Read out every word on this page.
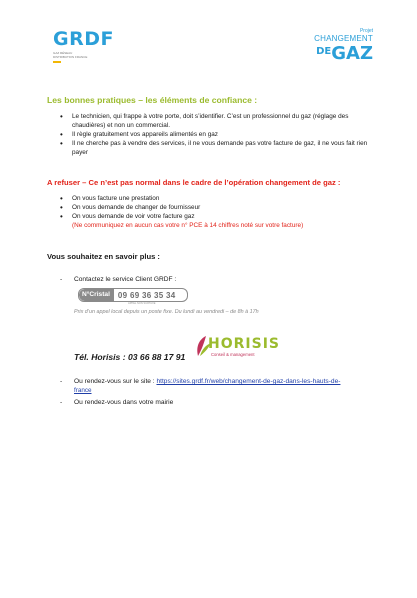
GRDF
GAZ RÉSEAU DISTRIBUTION FRANCE
Projet
CHANGEMENT
$^{DE}$GAZ
Les bonnes pratiques – les éléments de confiance :
• Le technicien, qui frappe à votre porte, doit s’identifier. C’est un professionnel du gaz (réglage des chaudières) et non un commercial.
• Il règle gratuitement vos appareils alimentés en gaz
• Il ne cherche pas à vendre des services, il ne vous demande pas votre facture de gaz, il ne vous fait rien payer
A refuser – Ce n’est pas normal dans le cadre de l’opération changement de gaz :
• On vous facture une prestation
• On vous demande de changer de fournisseur
• On vous demande de voir votre facture gaz
(Ne communiquez en aucun cas votre n° PCE à 14 chiffres noté sur votre facture)
Vous souhaitez en savoir plus :
- Contactez le service Client GRDF :
N°Cristal	09 69 36 35 34
APPEL NON SURTAXÉ
Prix d’un appel local depuis un poste fixe. Du lundi au vendredi – de 8h à 17h
HORISIS
Conseil & management
Tél. Horisis : 03 66 88 17 91
- Ou rendez-vous sur le site : https://sites.grdf.fr/web/changement-de-gaz-dans-les-hauts-de-
france
- Ou rendez-vous dans votre mairie
